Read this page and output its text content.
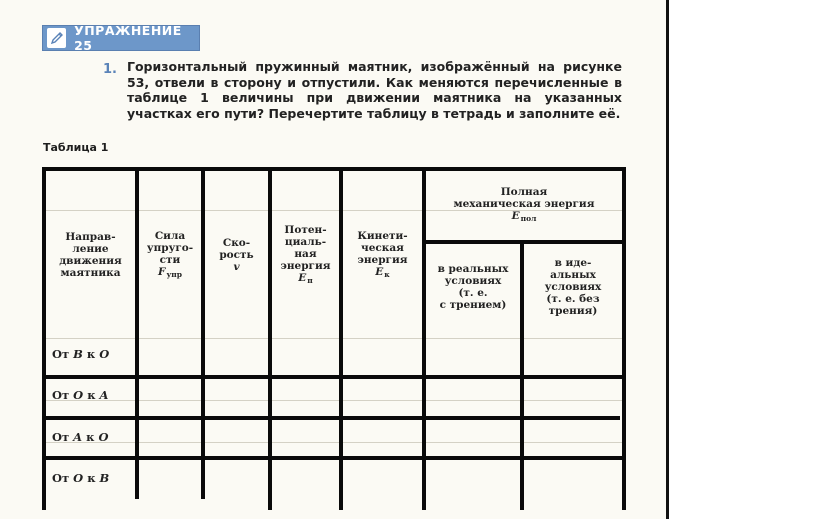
УПРАЖНЕНИЕ 25
1. Горизонтальный пружинный маятник, изображённый на рисунке 53, отвели в сторону и отпустили. Как меняются перечисленные в таблице 1 величины при движении маятника на указанных участках его пути? Перечертите таблицу в тетрадь и заполните её.
Таблица 1
Направ-
ление
движения
маятника
Сила
упруго-
сти
$F_{упр}$
Ско-
рость
v
Потен-
циаль-
ная
энергия
$E_п$
Кинети-
ческая
энергия
$E_к$
Полная
механическая энергия
$E_{пол}$
в реальных
условиях
(т. е.
с трением)
в иде-
альных
условиях
(т. е. без
трения)
От B к O
От O к A
От A к O
От O к B
